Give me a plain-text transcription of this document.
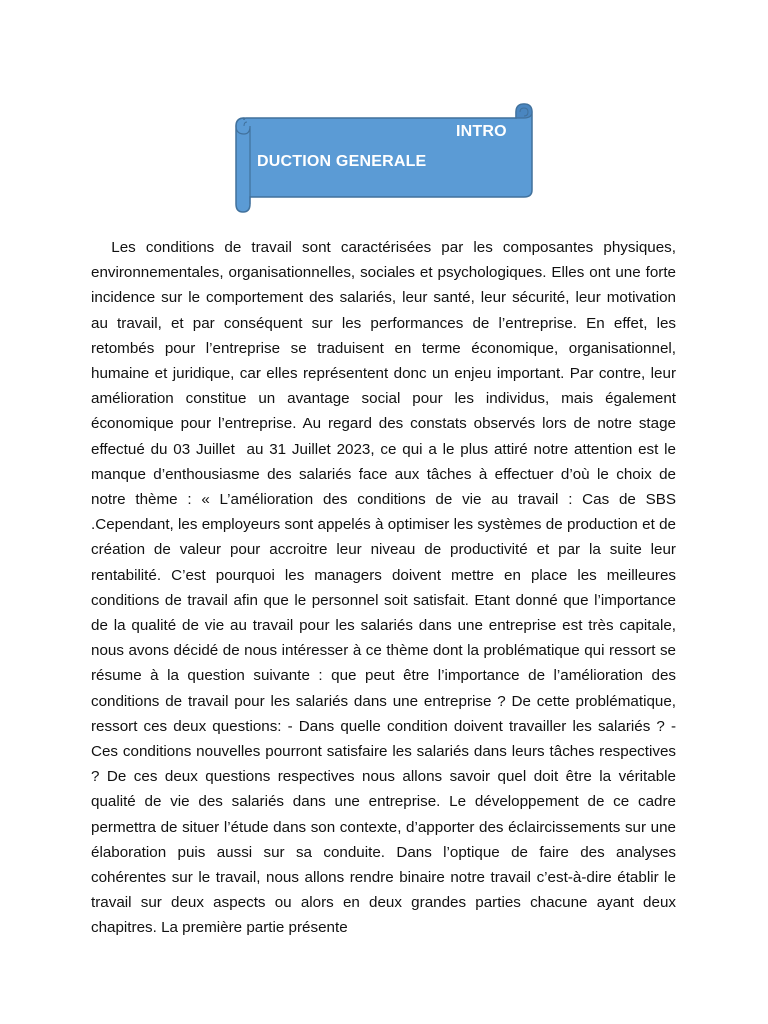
INTRO
DUCTION GENERALE

Les conditions de travail sont caractérisées par les composantes physiques, environnementales, organisationnelles, sociales et psychologiques. Elles ont une forte incidence sur le comportement des salariés, leur santé, leur sécurité, leur motivation au travail, et par conséquent sur les performances de l’entreprise. En effet, les retombés pour l’entreprise se traduisent en terme économique, organisationnel, humaine et juridique, car elles représentent donc un enjeu important. Par contre, leur amélioration constitue un avantage social pour les individus, mais également économique pour l’entreprise. Au regard des constats observés lors de notre stage effectué du 03 Juillet  au 31 Juillet 2023, ce qui a le plus attiré notre attention est le manque d’enthousiasme des salariés face aux tâches à effectuer d’où le choix de notre thème : « L’amélioration des conditions de vie au travail : Cas de SBS .Cependant, les employeurs sont appelés à optimiser les systèmes de production et de création de valeur pour accroitre leur niveau de productivité et par la suite leur rentabilité. C’est pourquoi les managers doivent mettre en place les meilleures conditions de travail afin que le personnel soit satisfait. Etant donné que l’importance de la qualité de vie au travail pour les salariés dans une entreprise est très capitale, nous avons décidé de nous intéresser à ce thème dont la problématique qui ressort se résume à la question suivante : que peut être l’importance de l’amélioration des conditions de travail pour les salariés dans une entreprise ? De cette problématique, ressort ces deux questions: - Dans quelle condition doivent travailler les salariés ? - Ces conditions nouvelles pourront satisfaire les salariés dans leurs tâches respectives ? De ces deux questions respectives nous allons savoir quel doit être la véritable qualité de vie des salariés dans une entreprise. Le développement de ce cadre permettra de situer l’étude dans son contexte, d’apporter des éclaircissements sur une élaboration puis aussi sur sa conduite. Dans l’optique de faire des analyses cohérentes sur le travail, nous allons rendre binaire notre travail c’est-à-dire établir le travail sur deux aspects ou alors en deux grandes parties chacune ayant deux chapitres. La première partie présente
